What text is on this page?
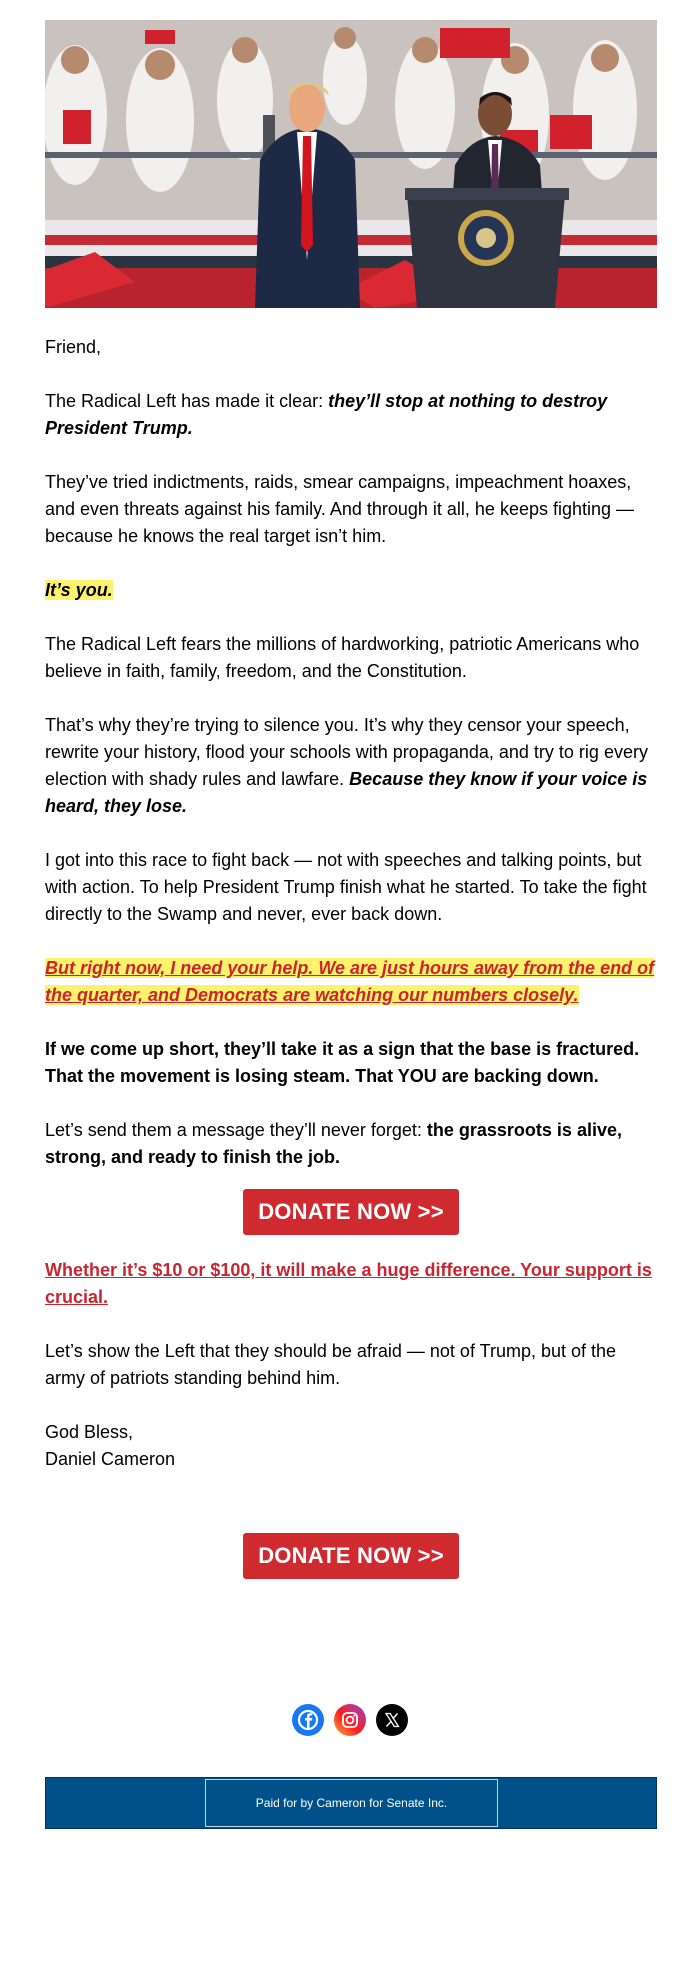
Friend,

The Radical Left has made it clear: they’ll stop at nothing to destroy President Trump.

They’ve tried indictments, raids, smear campaigns, impeachment hoaxes, and even threats against his family. And through it all, he keeps fighting — because he knows the real target isn’t him.

It’s you.

The Radical Left fears the millions of hardworking, patriotic Americans who believe in faith, family, freedom, and the Constitution.

That’s why they’re trying to silence you. It’s why they censor your speech, rewrite your history, flood your schools with propaganda, and try to rig every election with shady rules and lawfare. Because they know if your voice is heard, they lose.

I got into this race to fight back — not with speeches and talking points, but with action. To help President Trump finish what he started. To take the fight directly to the Swamp and never, ever back down.

But right now, I need your help. We are just hours away from the end of the quarter, and Democrats are watching our numbers closely.

If we come up short, they’ll take it as a sign that the base is fractured. That the movement is losing steam. That YOU are backing down.

Let’s send them a message they’ll never forget: the grassroots is alive, strong, and ready to finish the job.

DONATE NOW >>

Whether it’s $10 or $100, it will make a huge difference. Your support is crucial.

Let’s show the Left that they should be afraid — not of Trump, but of the army of patriots standing behind him.

God Bless,
Daniel Cameron

DONATE NOW >>

Paid for by Cameron for Senate Inc.
